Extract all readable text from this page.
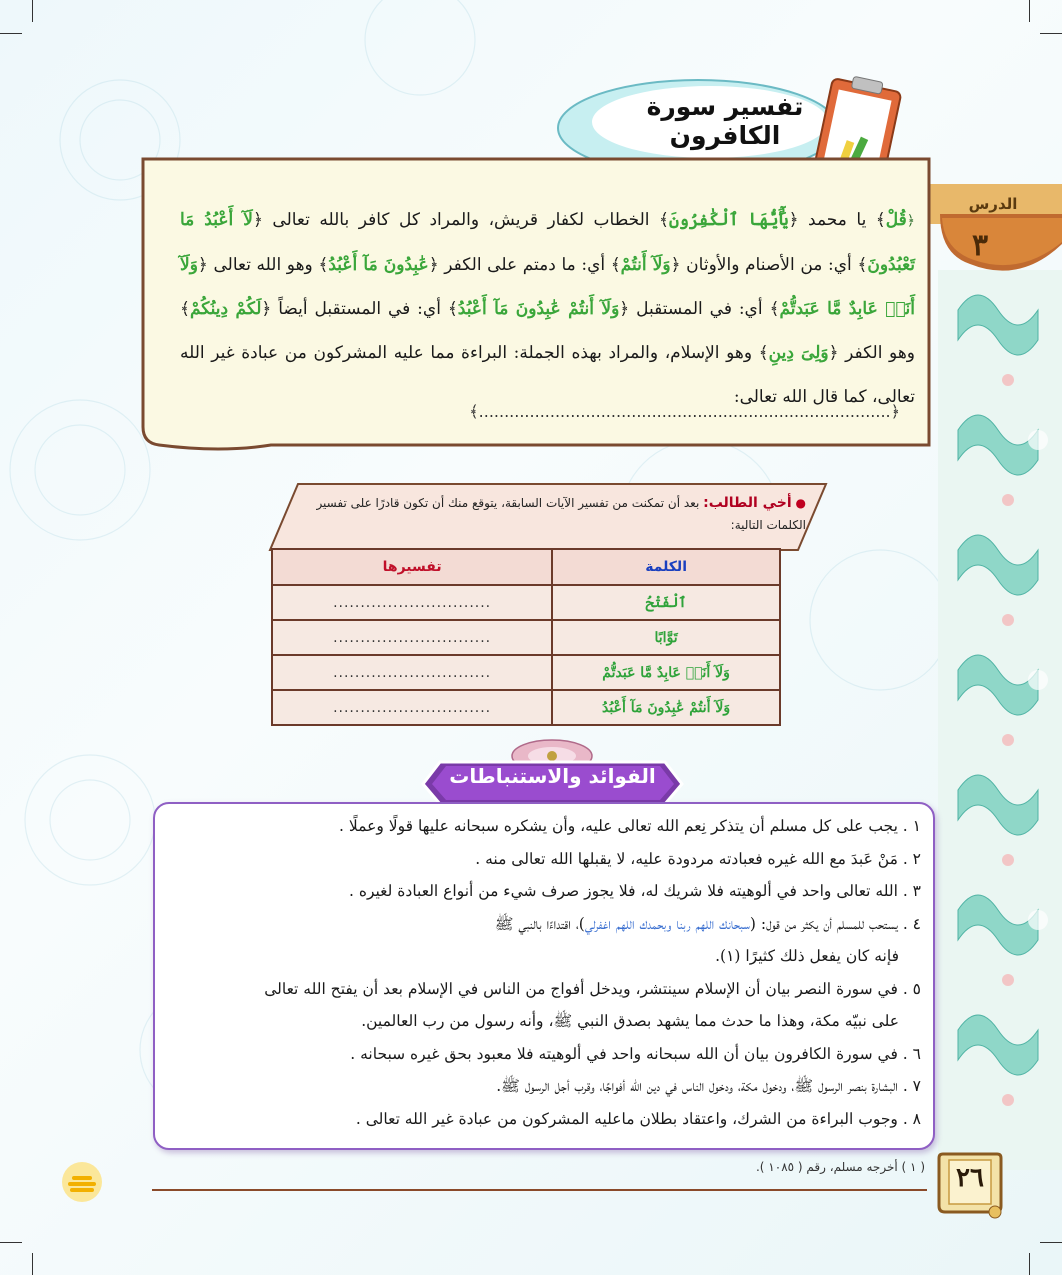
الدرس
٣
تفسير سورة الكافرون
﴿قُلْ﴾ يا محمد ﴿يَٰٓأَيُّهَا ٱلْكَٰفِرُونَ﴾ الخطاب لكفار قريش، والمراد كل كافر بالله تعالى ﴿لَآ أَعْبُدُ مَا تَعْبُدُونَ﴾ أي: من الأصنام والأوثان ﴿وَلَآ أَنتُمْ﴾ أي: ما دمتم على الكفر ﴿عَٰبِدُونَ مَآ أَعْبُدُ﴾ وهو الله تعالى ﴿وَلَآ أَنَا۠ عَابِدٌ مَّا عَبَدتُّمْ﴾ أي: في المستقبل ﴿وَلَآ أَنتُمْ عَٰبِدُونَ مَآ أَعْبُدُ﴾ أي: في المستقبل أيضاً ﴿لَكُمْ دِينُكُمْ﴾ وهو الكفر ﴿وَلِىَ دِينِ﴾ وهو الإسلام، والمراد بهذه الجملة: البراءة مما عليه المشركون من عبادة غير الله تعالى، كما قال الله تعالى:
﴿.................................................................................﴾
● أخي الطالب: بعد أن تمكنت من تفسير الآيات السابقة، يتوقع منك أن تكون قادرًا على تفسير الكلمات التالية:
الكلمة	تفسيرها
ٱلْفَتْحُ	.............................
تَوَّابًا	.............................
وَلَآ أَنَا۠ عَابِدٌ مَّا عَبَدتُّمْ	.............................
وَلَآ أَنتُمْ عَٰبِدُونَ مَآ أَعْبُدُ	.............................
الفوائد والاستنباطات
١ . يجب على كل مسلم أن يتذكر نِعم الله تعالى عليه، وأن يشكره سبحانه عليها قولًا وعملًا .
٢ . مَنْ عَبدَ مع الله غيره فعبادته مردودة عليه، لا يقبلها الله تعالى منه .
٣ . الله تعالى واحد في ألوهيته فلا شريك له، فلا يجوز صرف شيء من أنواع العبادة لغيره .
٤ . يستحب للمسلم أن يكثر من قول: (سبحانك اللهم ربنا وبحمدك اللهم اغفرلي)، اقتداءًا بالنبي ﷺ
فإنه كان يفعل ذلك كثيرًا (١).
٥ . في سورة النصر بيان أن الإسلام سينتشر، ويدخل أفواج من الناس في الإسلام بعد أن يفتح الله تعالى
على نبيّه مكة، وهذا ما حدث مما يشهد بصدق النبي ﷺ، وأنه رسول من رب العالمين.
٦ . في سورة الكافرون بيان أن الله سبحانه واحد في ألوهيته فلا معبود بحق غيره سبحانه .
٧ . البشارة بنصر الرسول ﷺ، ودخول مكة، ودخول الناس في دين الله أفواجًا، وقرب أجل الرسول ﷺ.
٨ . وجوب البراءة من الشرك، واعتقاد بطلان ماعليه المشركون من عبادة غير الله تعالى .
( ١ ) أخرجه مسلم، رقم ( ١٠٨٥ ).	٢٦
